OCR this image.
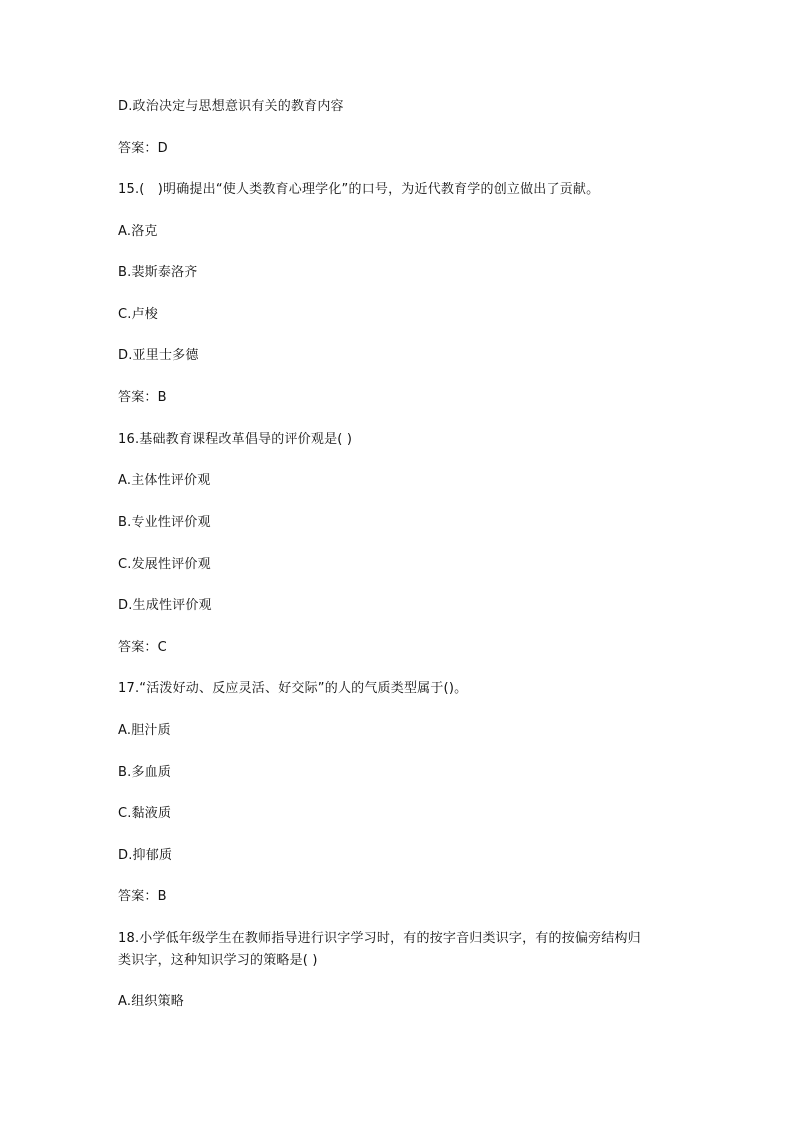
D.政治决定与思想意识有关的教育内容
答案：D
15.(　)明确提出“使人类教育心理学化”的口号，为近代教育学的创立做出了贡献。
A.洛克
B.裴斯泰洛齐
C.卢梭
D.亚里士多德
答案：B
16.基础教育课程改革倡导的评价观是( )
A.主体性评价观
B.专业性评价观
C.发展性评价观
D.生成性评价观
答案：C
17.“活泼好动、反应灵活、好交际”的人的气质类型属于()。
A.胆汁质
B.多血质
C.黏液质
D.抑郁质
答案：B
18.小学低年级学生在教师指导进行识字学习时，有的按字音归类识字，有的按偏旁结构归
类识字，这种知识学习的策略是( )
A.组织策略
